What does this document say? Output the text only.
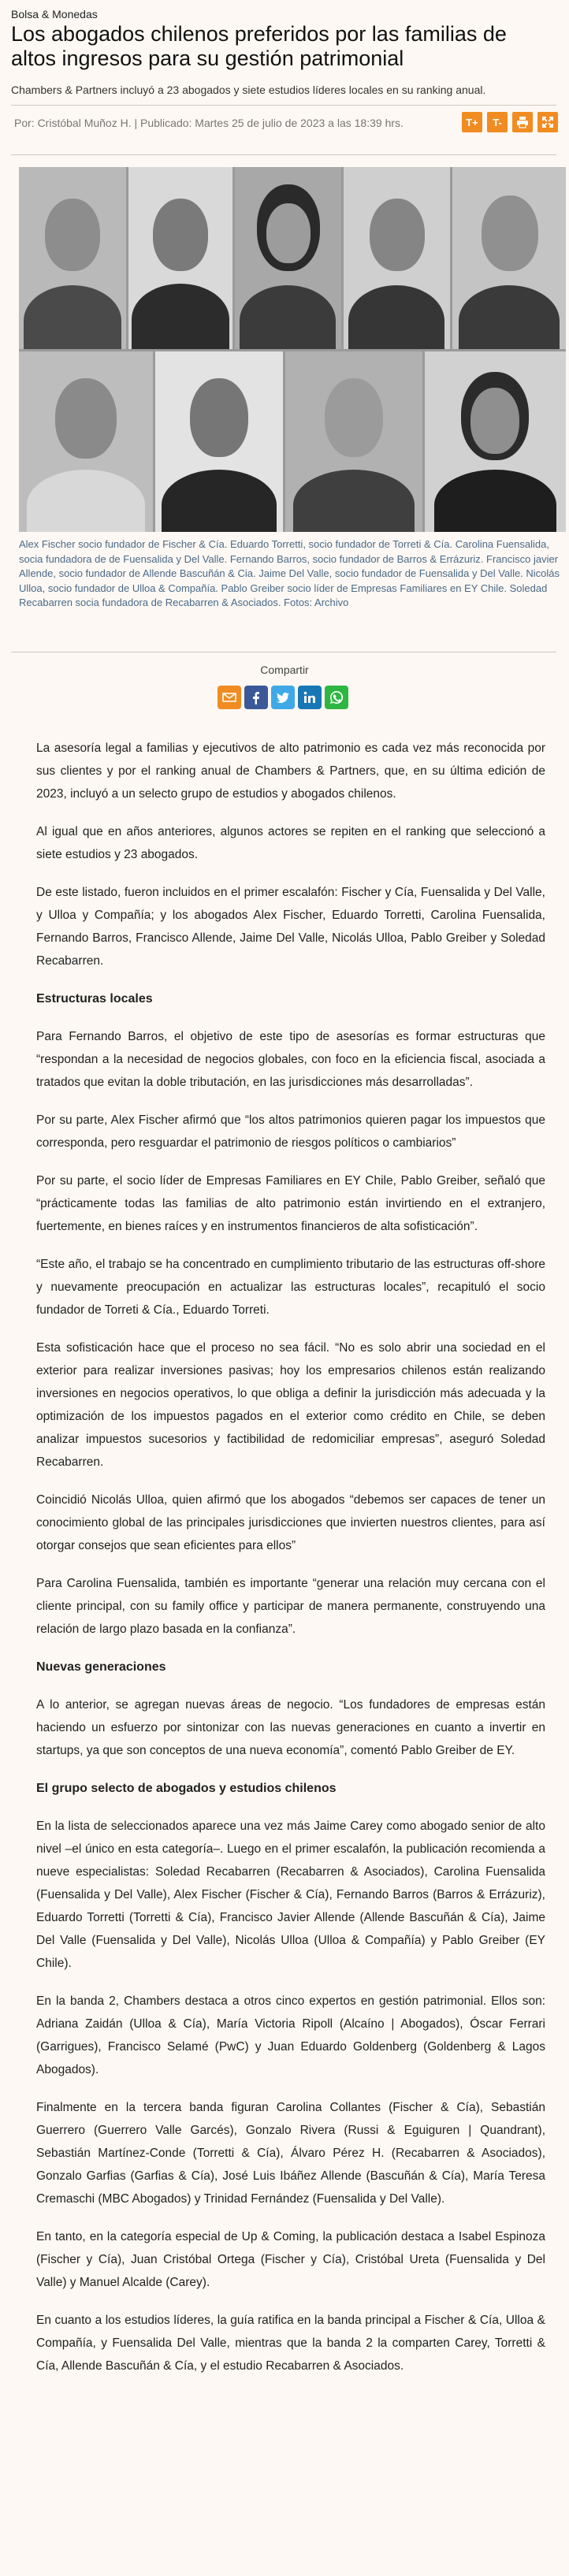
Bolsa & Monedas
Los abogados chilenos preferidos por las familias de altos ingresos para su gestión patrimonial
Chambers & Partners incluyó a 23 abogados y siete estudios líderes locales en su ranking anual.
Por: Cristóbal Muñoz H. | Publicado: Martes 25 de julio de 2023 a las 18:39 hrs.	T+	T-
Alex Fischer socio fundador de Fischer & Cía. Eduardo Torretti, socio fundador de Torreti & Cía. Carolina Fuensalida, socia fundadora de de Fuensalida y Del Valle. Fernando Barros, socio fundador de Barros & Errázuriz. Francisco javier Allende, socio fundador de Allende Bascuñán & Cia. Jaime Del Valle, socio fundador de Fuensalida y Del Valle. Nicolás Ulloa, socio fundador de Ulloa & Compañía. Pablo Greiber socio líder de Empresas Familiares en EY Chile. Soledad Recabarren socia fundadora de Recabarren & Asociados. Fotos: Archivo
Compartir

La asesoría legal a familias y ejecutivos de alto patrimonio es cada vez más reconocida por sus clientes y por el ranking anual de Chambers & Partners, que, en su última edición de 2023, incluyó a un selecto grupo de estudios y abogados chilenos.

Al igual que en años anteriores, algunos actores se repiten en el ranking que seleccionó a siete estudios y 23 abogados.

De este listado, fueron incluidos en el primer escalafón: Fischer y Cía, Fuensalida y Del Valle, y Ulloa y Compañía; y los abogados Alex Fischer, Eduardo Torretti, Carolina Fuensalida, Fernando Barros, Francisco Allende, Jaime Del Valle, Nicolás Ulloa, Pablo Greiber y Soledad Recabarren.

Estructuras locales

Para Fernando Barros, el objetivo de este tipo de asesorías es formar estructuras que “respondan a la necesidad de negocios globales, con foco en la eficiencia fiscal, asociada a tratados que evitan la doble tributación, en las jurisdicciones más desarrolladas”.

Por su parte, Alex Fischer afirmó que “los altos patrimonios quieren pagar los impuestos que corresponda, pero resguardar el patrimonio de riesgos políticos o cambiarios”

Por su parte, el socio líder de Empresas Familiares en EY Chile, Pablo Greiber, señaló que “prácticamente todas las familias de alto patrimonio están invirtiendo en el extranjero, fuertemente, en bienes raíces y en instrumentos financieros de alta sofisticación”.

“Este año, el trabajo se ha concentrado en cumplimiento tributario de las estructuras off-shore y nuevamente preocupación en actualizar las estructuras locales”, recapituló el socio fundador de Torreti & Cía., Eduardo Torreti.

Esta sofisticación hace que el proceso no sea fácil. “No es solo abrir una sociedad en el exterior para realizar inversiones pasivas; hoy los empresarios chilenos están realizando inversiones en negocios operativos, lo que obliga a definir la jurisdicción más adecuada y la optimización de los impuestos pagados en el exterior como crédito en Chile, se deben analizar impuestos sucesorios y factibilidad de redomiciliar empresas”, aseguró Soledad Recabarren.

Coincidió Nicolás Ulloa, quien afirmó que los abogados “debemos ser capaces de tener un conocimiento global de las principales jurisdicciones que invierten nuestros clientes, para así otorgar consejos que sean eficientes para ellos”

Para Carolina Fuensalida, también es importante “generar una relación muy cercana con el cliente principal, con su family office y participar de manera permanente, construyendo una relación de largo plazo basada en la confianza”.

Nuevas generaciones

A lo anterior, se agregan nuevas áreas de negocio. “Los fundadores de empresas están haciendo un esfuerzo por sintonizar con las nuevas generaciones en cuanto a invertir en startups, ya que son conceptos de una nueva economía”, comentó Pablo Greiber de EY.

El grupo selecto de abogados y estudios chilenos

En la lista de seleccionados aparece una vez más Jaime Carey como abogado senior de alto nivel –el único en esta categoría–. Luego en el primer escalafón, la publicación recomienda a nueve especialistas: Soledad Recabarren (Recabarren & Asociados), Carolina Fuensalida (Fuensalida y Del Valle), Alex Fischer (Fischer & Cía), Fernando Barros (Barros & Errázuriz), Eduardo Torretti (Torretti & Cía), Francisco Javier Allende (Allende Bascuñán & Cía), Jaime Del Valle (Fuensalida y Del Valle), Nicolás Ulloa (Ulloa & Compañía) y Pablo Greiber (EY Chile).

En la banda 2, Chambers destaca a otros cinco expertos en gestión patrimonial. Ellos son: Adriana Zaidán (Ulloa & Cía), María Victoria Ripoll (Alcaíno | Abogados), Óscar Ferrari (Garrigues), Francisco Selamé (PwC) y Juan Eduardo Goldenberg (Goldenberg & Lagos Abogados).

Finalmente en la tercera banda figuran Carolina Collantes (Fischer & Cía), Sebastián Guerrero (Guerrero Valle Garcés), Gonzalo Rivera (Russi & Eguiguren | Quandrant), Sebastián Martínez-Conde (Torretti & Cía), Álvaro Pérez H. (Recabarren & Asociados), Gonzalo Garfias (Garfias & Cía), José Luis Ibáñez Allende (Bascuñán & Cía), María Teresa Cremaschi (MBC Abogados) y Trinidad Fernández (Fuensalida y Del Valle).

En tanto, en la categoría especial de Up & Coming, la publicación destaca a Isabel Espinoza (Fischer y Cía), Juan Cristóbal Ortega (Fischer y Cía), Cristóbal Ureta (Fuensalida y Del Valle) y Manuel Alcalde (Carey).

En cuanto a los estudios líderes, la guía ratifica en la banda principal a Fischer & Cía, Ulloa & Compañía, y Fuensalida Del Valle, mientras que la banda 2 la comparten Carey, Torretti & Cía, Allende Bascuñán & Cía, y el estudio Recabarren & Asociados.
